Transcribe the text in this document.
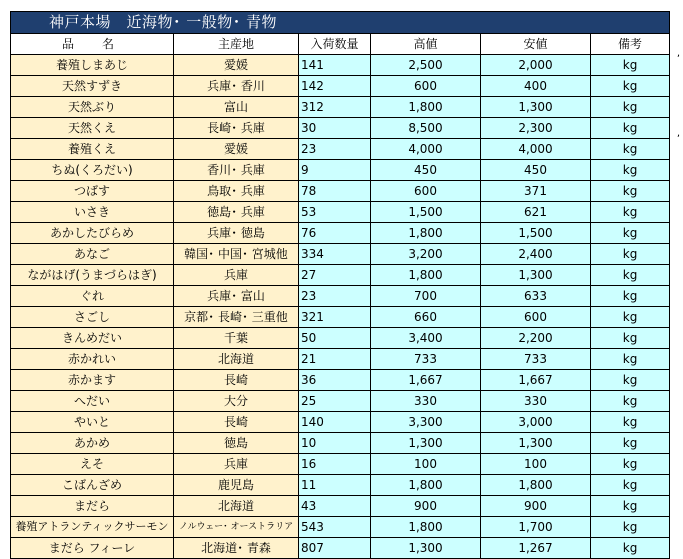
神戸本場　近海物･ 一般物･ 青物					
品　名	主産地	入荷数量	高値	安値	備考
養殖しまあじ	愛媛	141	2,500	2,000	kg
天然すずき	兵庫･ 香川	142	600	400	kg
天然ぶり	富山	312	1,800	1,300	kg
天然くえ	長崎･ 兵庫	30	8,500	2,300	kg
養殖くえ	愛媛	23	4,000	4,000	kg
ちぬ(くろだい)	香川･ 兵庫	9	450	450	kg
つばす	鳥取･ 兵庫	78	600	371	kg
いさき	徳島･ 兵庫	53	1,500	621	kg
あかしたびらめ	兵庫･ 徳島	76	1,800	1,500	kg
あなご	韓国･ 中国･ 宮城他	334	3,200	2,400	kg
ながはげ(うまづらはぎ)	兵庫	27	1,800	1,300	kg
ぐれ	兵庫･ 富山	23	700	633	kg
さごし	京都･ 長崎･ 三重他	321	660	600	kg
きんめだい	千葉	50	3,400	2,200	kg
赤かれい	北海道	21	733	733	kg
赤かます	長崎	36	1,667	1,667	kg
へだい	大分	25	330	330	kg
やいと	長崎	140	3,300	3,000	kg
あかめ	徳島	10	1,300	1,300	kg
えそ	兵庫	16	100	100	kg
こばんざめ	鹿児島	11	1,800	1,800	kg
まだら	北海道	43	900	900	kg
養殖アトランティックサーモン	ノルウェー･ オーストラリア	543	1,800	1,700	kg
まだら フィーレ	北海道･ 青森	807	1,300	1,267	kg
,
,
